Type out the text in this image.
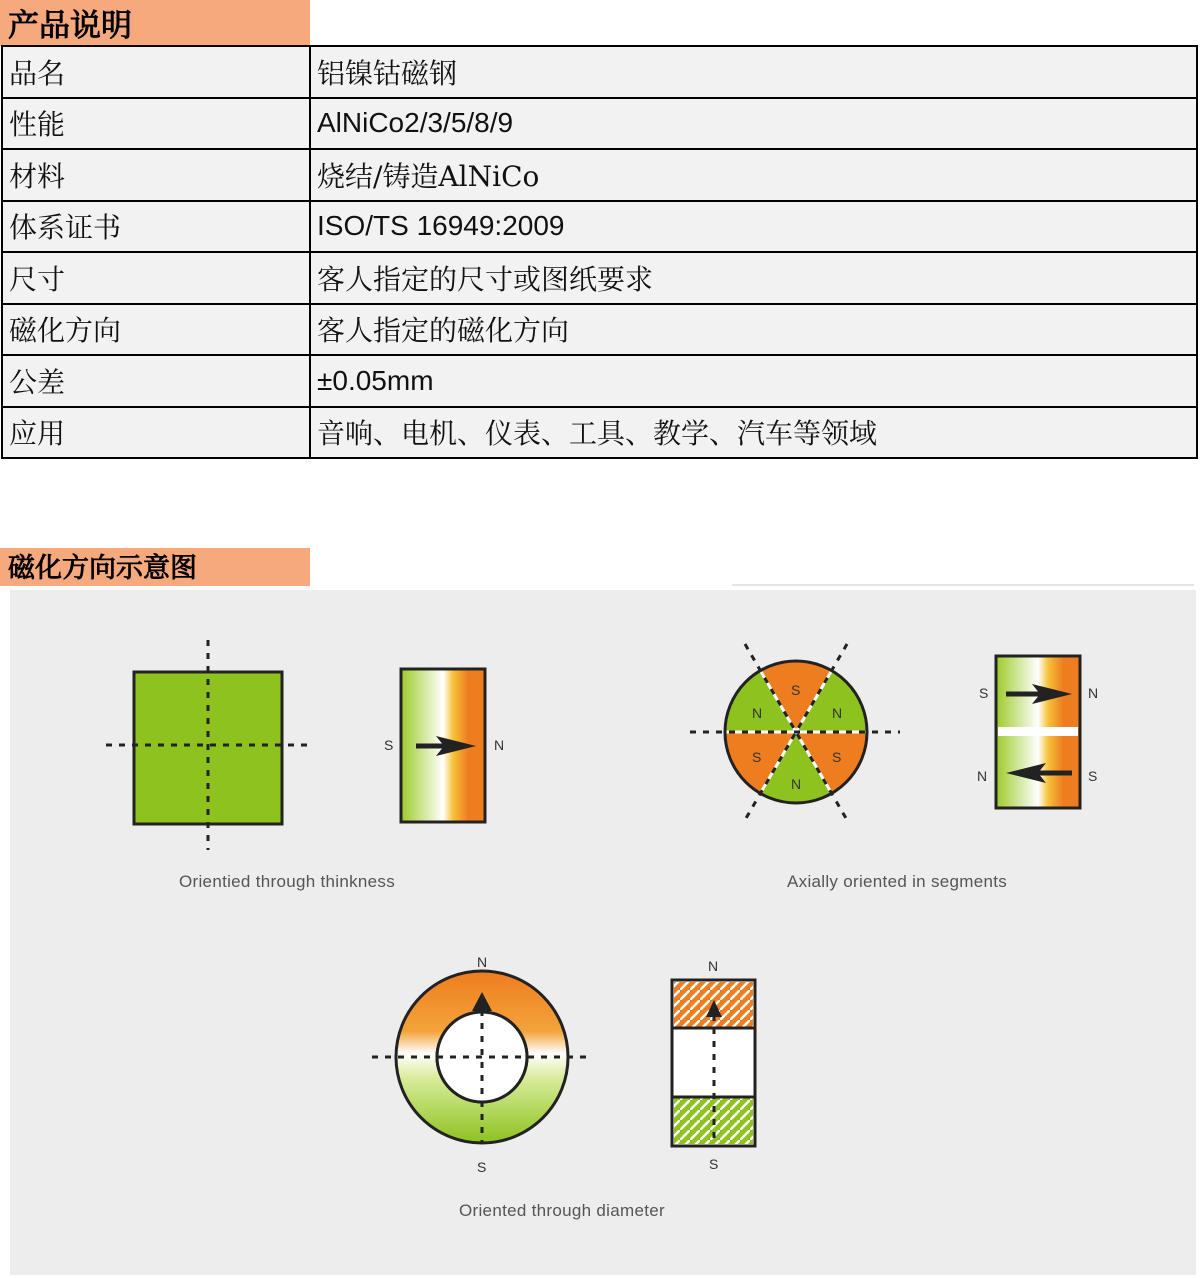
产品说明
品名	铝镍钴磁钢
性能	AlNiCo2/3/5/8/9
材料	烧结/铸造AlNiCo
体系证书	ISO/TS 16949:2009
尺寸	客人指定的尺寸或图纸要求
磁化方向	客人指定的磁化方向
公差	±0.05mm
应用	音响、电机、仪表、工具、教学、汽车等领域
磁化方向示意图
S	N
Orientied through thinkness
S
N
S
N
S
N
S	N
N	S
Axially oriented in segments
N
S
N
S
Oriented through diameter
